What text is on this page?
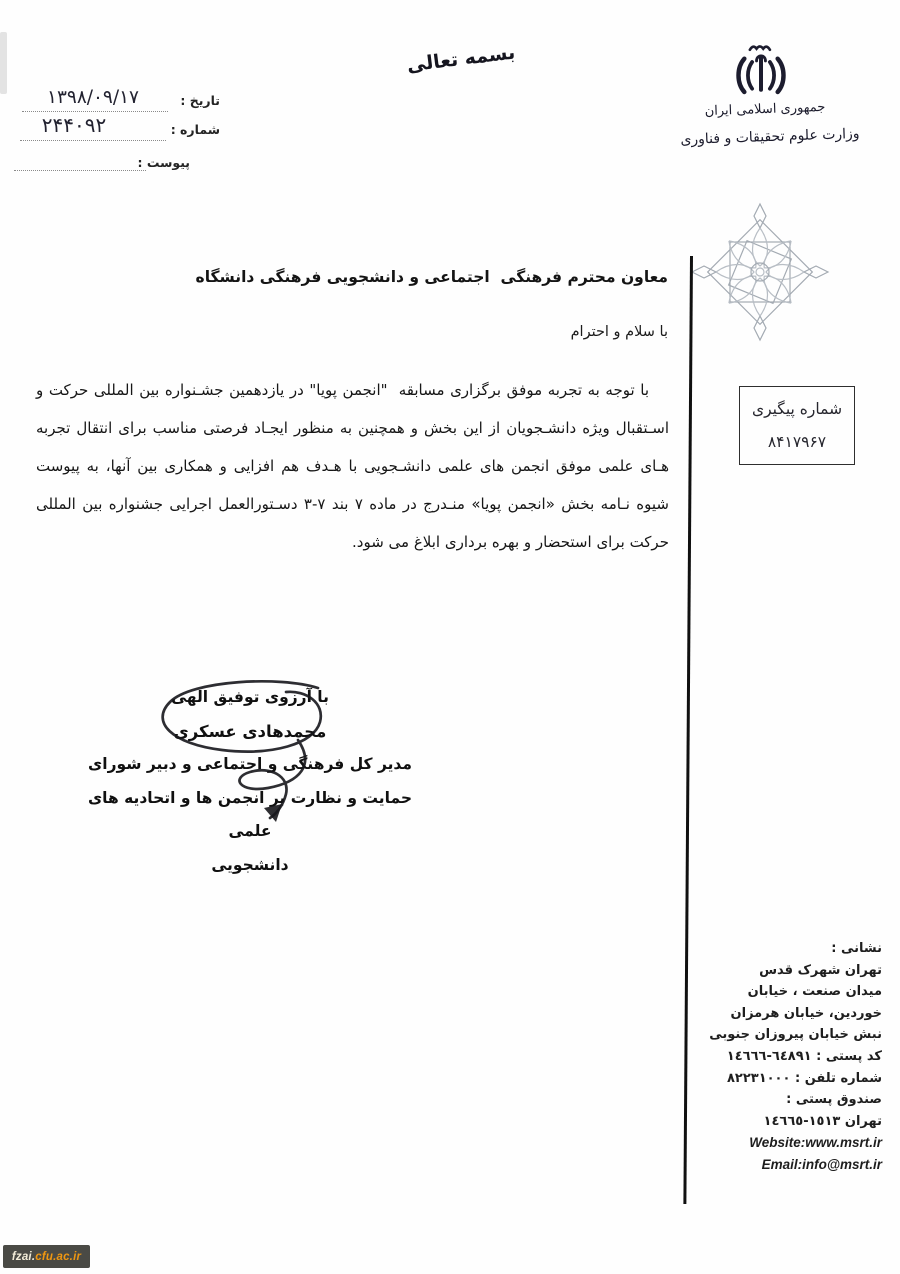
بسمه تعالی
جمهوری اسلامی ایران
وزارت علوم تحقیقات و فناوری
تاریخ :
۱۳۹۸/۰۹/۱۷
شماره :
۲۴۴۰۹۲
پیوست :
شماره پیگیری
۸۴۱۷۹۶۷
معاون محترم فرهنگی  اجتماعی و دانشجویی فرهنگی دانشگاه
با سلام و احترام
با توجه به تجربه موفق برگزاری مسابقه  "انجمن پویا" در یازدهمین جشـنواره بین المللی حرکت و اسـتقبال ویژه دانشـجویان از این بخش و همچنین به منظور ایجـاد فرصتی مناسب برای انتقال تجربه هـای علمی موفق انجمن های علمی دانشـجویی با هـدف هم افزایی و همکاری بین آنها، به پیوست شیوه نـامه بخش «انجمن پویا» منـدرج در ماده ٧ بند ٧-٣ دسـتورالعمل اجرایی جشنواره بین المللی حرکت برای استحضار و بهره برداری ابلاغ می شود.
با آرزوی توفیق الهی
محمدهادی عسکری
مدیر کل فرهنگی و اجتماعی و دبیر شورای
حمایت و نظارت بر انجمن ها و اتحادیه های علمی
دانشجویی
نشانی :
تهران شهرک قدس
میدان صنعت ، خیابان
خوردین، خیابان هرمزان
نبش خیابان پیروزان جنوبی
کد پستی : ٦٤٨٩١-١٤٦٦٦
شماره تلفن : ٨٢٢٣١٠٠٠
صندوق پستی :
تهران ١٥١٣-١٤٦٦٥
Website:www.msrt.ir
Email:info@msrt.ir
fzai. cfu.ac.ir
